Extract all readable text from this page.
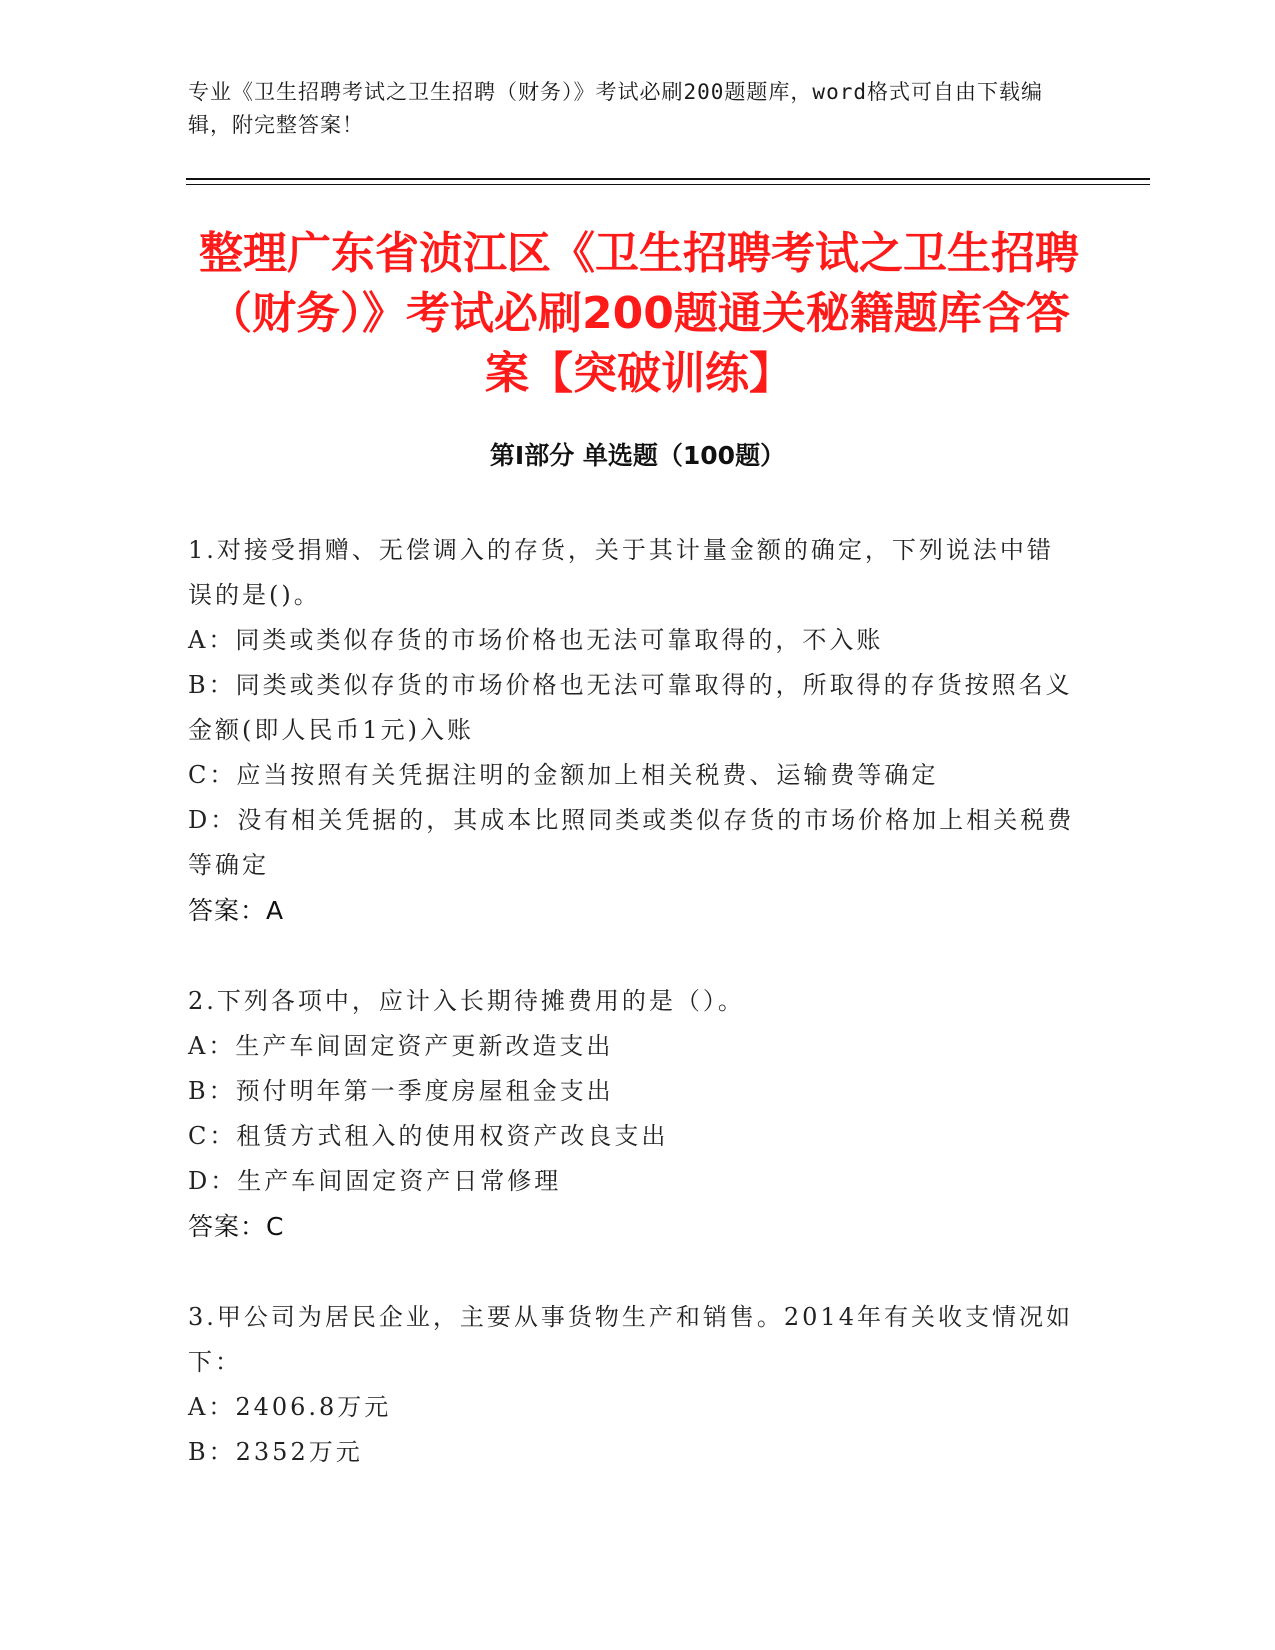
专业《卫生招聘考试之卫生招聘（财务）》考试必刷200题题库，word格式可自由下载编辑，附完整答案！
整理广东省浈江区《卫生招聘考试之卫生招聘（财务）》考试必刷200题通关秘籍题库含答案【突破训练】
第I部分 单选题（100题）
1.对接受捐赠、无偿调入的存货，关于其计量金额的确定，下列说法中错误的是()。
A：同类或类似存货的市场价格也无法可靠取得的，不入账
B：同类或类似存货的市场价格也无法可靠取得的，所取得的存货按照名义金额(即人民币1元)入账
C：应当按照有关凭据注明的金额加上相关税费、运输费等确定
D：没有相关凭据的，其成本比照同类或类似存货的市场价格加上相关税费等确定
答案：A
2.下列各项中，应计入长期待摊费用的是（）。
A：生产车间固定资产更新改造支出
B：预付明年第一季度房屋租金支出
C：租赁方式租入的使用权资产改良支出
D：生产车间固定资产日常修理
答案：C
3.甲公司为居民企业，主要从事货物生产和销售。2014年有关收支情况如下：
A：2406.8万元
B：2352万元
